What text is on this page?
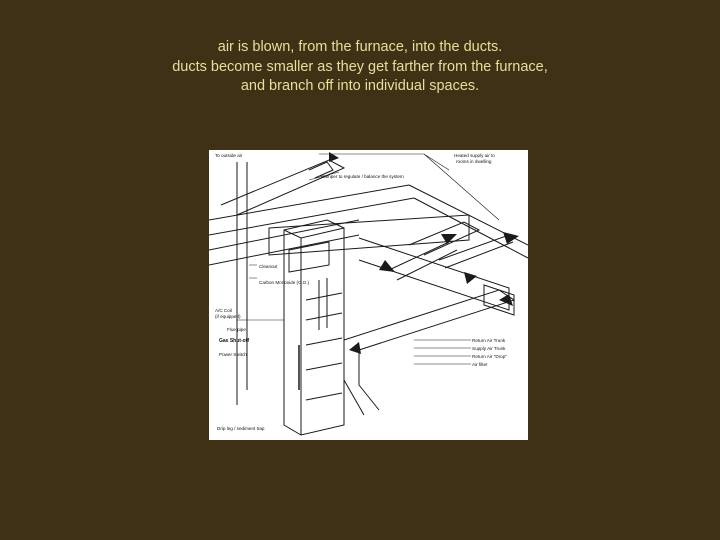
air is blown, from the furnace, into the ducts.
ducts become smaller as they get farther from the furnace,
and branch off into individual spaces.
To outside air	Heated supply air to
rooms in dwelling
Damper to regulate / balance the system
Cleanout
Carbon Monoxide (C.O.)
A/C Coil
(if equipped)
Flue pipe
Gas Shut-off
Power Switch
Return Air Trunk
Supply Air Trunk
Return Air "Drop"
Air filter
Drip leg / sediment trap
